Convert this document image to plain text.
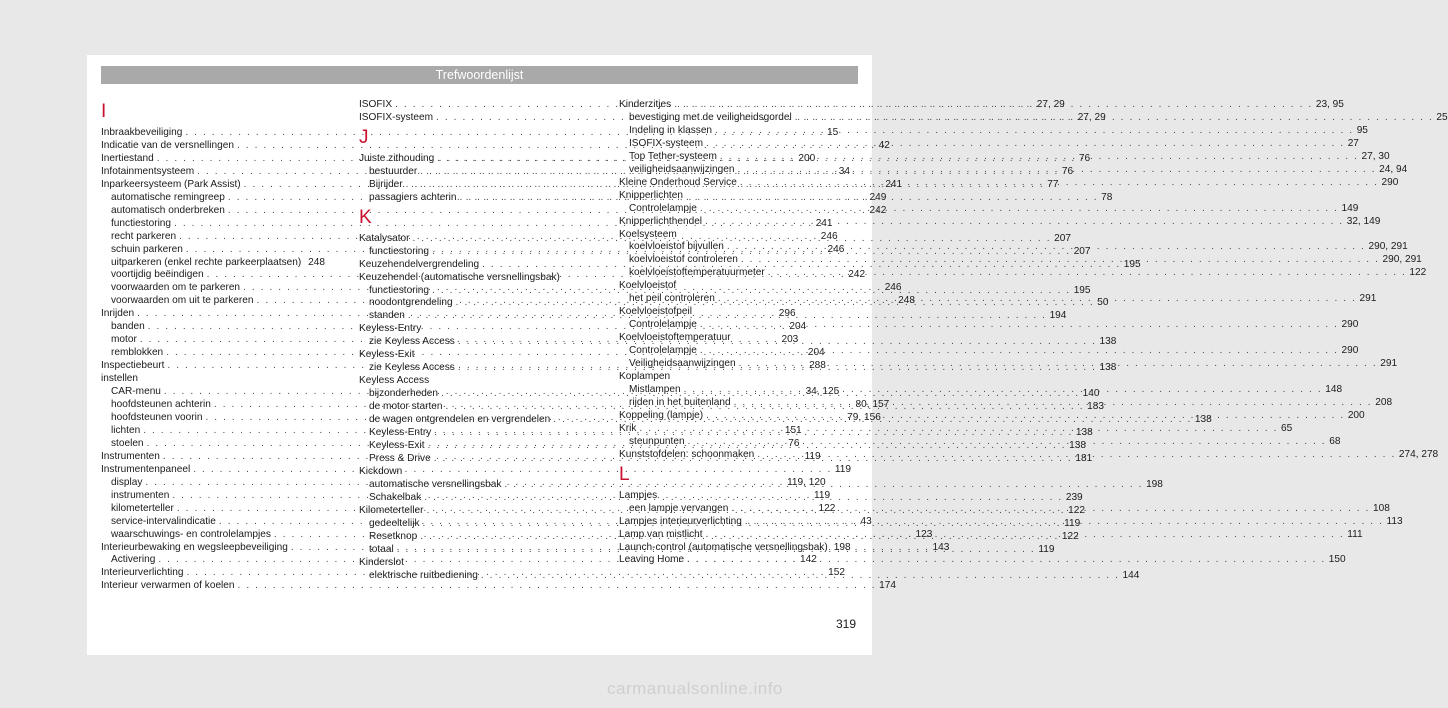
Trefwoordenlijst
I
Inbraakbeveiliging . . .	15
Indicatie van de versnellingen . . .	42
Inertiestand . . .	200
Infotainmentsysteem . . .	34
Inparkeersysteem (Park Assist) . . .	241
automatische remingreep . . .	249
automatisch onderbreken . . .	242
functiestoring . . .	241
recht parkeren . . .	246
schuin parkeren . . .	246
uitparkeren (enkel rechte parkeerplaatsen) . . . 248
voortijdig beëindigen . . .	242
voorwaarden om te parkeren . . .	246
voorwaarden om uit te parkeren . . .	248
Inrijden . . .	296
banden . . .	204
motor . . .	203
remblokken . . .	204
Inspectiebeurt . . .	288
instellen
CAR-menu . . .	34, 125
hoofdsteunen achterin . . .	80, 157
hoofdsteunen voorin . . .	79, 156
lichten . . .	151
stoelen . . .	76
Instrumenten . . .	119
Instrumentenpaneel . . .	119
display . . .	119, 120
instrumenten . . .	119
kilometerteller . . .	122
service-intervalindicatie . . .	43
waarschuwings- en controlelampjes . . .	123
Interieurbewaking en wegsleepbeveiliging . . .	143
Activering . . .	142
Interieurverlichting . . .	152
Interieur verwarmen of koelen . . .	174
ISOFIX . . .	27, 29
ISOFIX-systeem . . .	27, 29
J
Juiste zithouding . . .	76
bestuurder . . .	76
Bijrijder . . .	77
passagiers achterin . . .	78
K
Katalysator . . .	207
functiestoring . . .	207
Keuzehendelvergrendeling . . .	195
Keuzehendel (automatische versnellingsbak)
functiestoring . . .	195
noodontgrendeling . . .	50
standen . . .	194
Keyless-Entry
zie Keyless Access . . .	138
Keyless-Exit
zie Keyless Access . . .	138
Keyless Access
bijzonderheden . . .	140
de motor starten . . .	183
de wagen ontgrendelen en vergrendelen . . .	138
Keyless-Entry . . .	138
Keyless-Exit . . .	138
Press & Drive . . .	181
Kickdown
automatische versnellingsbak . . .	198
Schakelbak . . .	239
Kilometerteller . . .	122
gedeeltelijk . . .	119
Resetknop . . .	122
totaal . . .	119
Kinderslot
elektrische ruitbediening . . .	144
Kinderzitjes . . .	23, 95
bevestiging met de veiligheidsgordel . . .	25
Indeling in klassen . . .	95
ISOFIX-systeem . . .	27
Top Tether-systeem . . .	27, 30
veiligheidsaanwijzingen . . .	24, 94
Kleine Onderhoud Service . . .	290
Knipperlichten
Controlelampje . . .	149
Knipperlichthendel . . .	32, 149
Koelsysteem
koelvloeistof bijvullen . . .	290, 291
koelvloeistof controleren . . .	290, 291
koelvloeistoftemperatuurmeter . . .	122
Koelvloeistof
het peil controleren . . .	291
Koelvloeistofpeil
Controlelampje . . .	290
Koelvloeistoftemperatuur
Controlelampje . . .	290
Veiligheidsaanwijzingen . . .	291
Koplampen
Mistlampen . . .	148
rijden in het buitenland . . .	208
Koppeling (lampje) . . .	200
Krik . . .	65
steunpunten . . .	68
Kunststofdelen: schoonmaken . . .	274, 278
L
Lampjes
een lampje vervangen . . .	108
Lampjes interieurverlichting . . .	113
Lamp van mistlicht . . .	111
Launch-control (automatische versnellingsbak) 198
Leaving Home . . .	150
319
carmanualsonline.info
